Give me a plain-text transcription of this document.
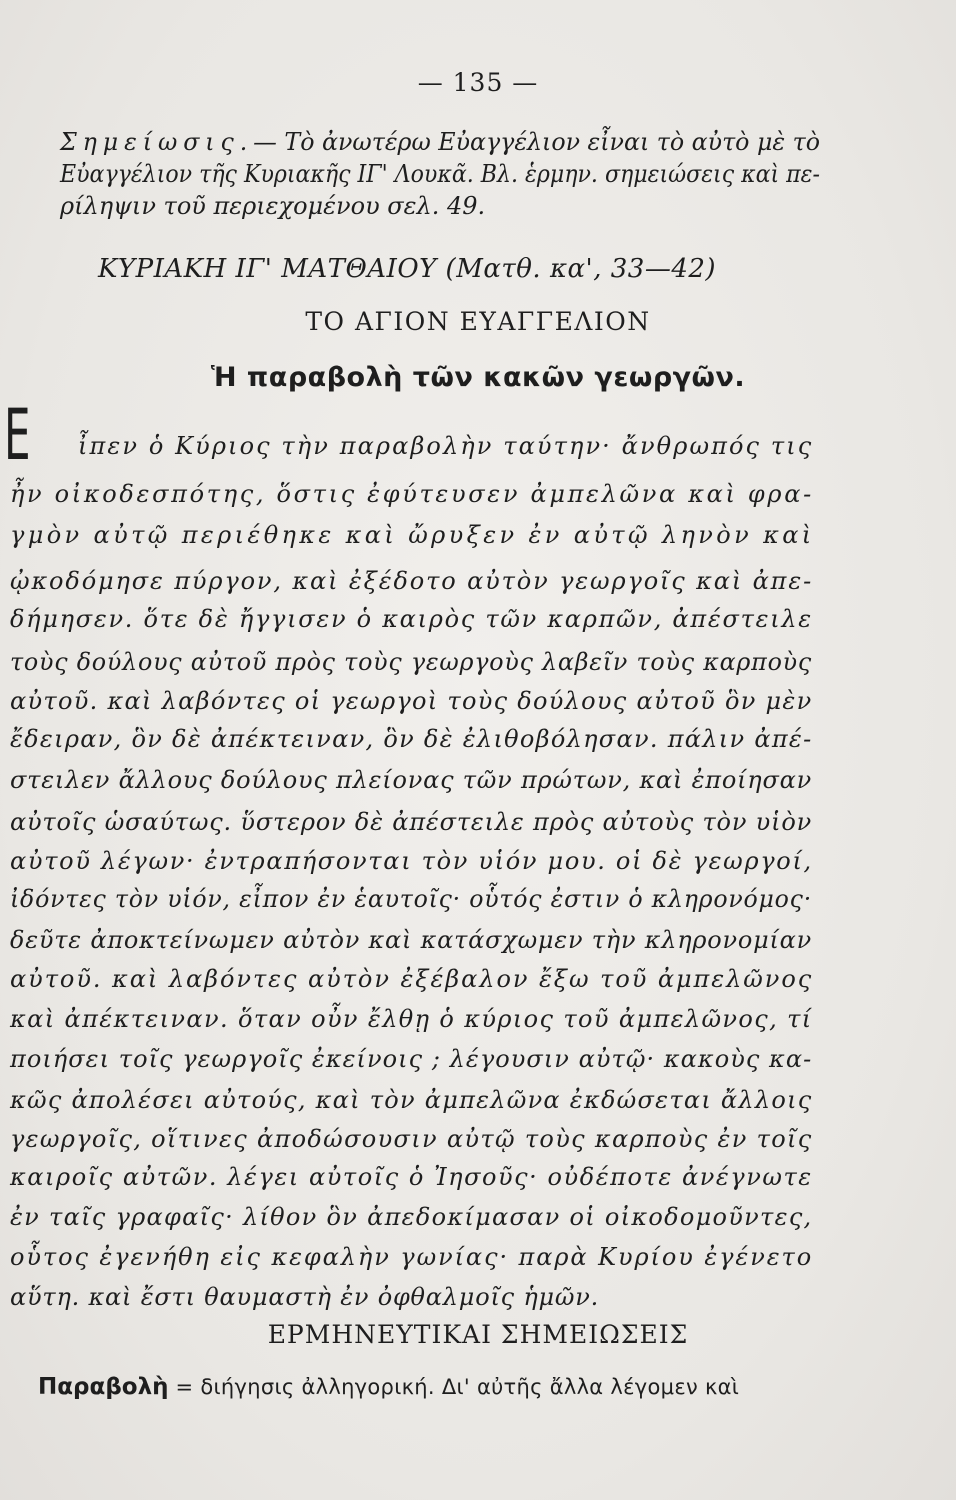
— 135 —
Σημείωσις.— Τὸ ἀνωτέρω Εὐαγγέλιον εἶναι τὸ αὐτὸ μὲ τὸ
Εὐαγγέλιον τῆς Κυριακῆς ΙΓ' Λουκᾶ. Βλ. ἑρμην. σημειώσεις καὶ πε-
ρίληψιν τοῦ περιεχομένου σελ. 49.
ΚΥΡΙΑΚΗ ΙΓ' ΜΑΤΘΑΙΟΥ (Ματθ. κα', 33—42)
ΤΟ ΑΓΙΟΝ ΕΥΑΓΓΕΛΙΟΝ
Ἡ παραβολὴ τῶν κακῶν γεωργῶν.
Ε ἶπεν ὁ Κύριος τὴν παραβολὴν ταύτην· ἄνθρωπός τις
ἦν οἰκοδεσπότης, ὅστις ἐφύτευσεν ἀμπελῶνα καὶ φρα-
γμὸν αὐτῷ περιέθηκε καὶ ὤρυξεν ἐν αὐτῷ ληνὸν καὶ
ᾠκοδόμησε πύργον, καὶ ἐξέδοτο αὐτὸν γεωργοῖς καὶ ἀπε-
δήμησεν. ὅτε δὲ ἤγγισεν ὁ καιρὸς τῶν καρπῶν, ἀπέστειλε
τοὺς δούλους αὐτοῦ πρὸς τοὺς γεωργοὺς λαβεῖν τοὺς καρποὺς
αὐτοῦ. καὶ λαβόντες οἱ γεωργοὶ τοὺς δούλους αὐτοῦ ὃν μὲν
ἔδειραν, ὃν δὲ ἀπέκτειναν, ὃν δὲ ἐλιθοβόλησαν. πάλιν ἀπέ-
στειλεν ἄλλους δούλους πλείονας τῶν πρώτων, καὶ ἐποίησαν
αὐτοῖς ὡσαύτως. ὕστερον δὲ ἀπέστειλε πρὸς αὐτοὺς τὸν υἱὸν
αὐτοῦ λέγων· ἐντραπήσονται τὸν υἱόν μου. οἱ δὲ γεωργοί,
ἰδόντες τὸν υἱόν, εἶπον ἐν ἑαυτοῖς· οὗτός ἐστιν ὁ κληρονόμος·
δεῦτε ἀποκτείνωμεν αὐτὸν καὶ κατάσχωμεν τὴν κληρονομίαν
αὐτοῦ. καὶ λαβόντες αὐτὸν ἐξέβαλον ἔξω τοῦ ἀμπελῶνος
καὶ ἀπέκτειναν. ὅταν οὖν ἔλθῃ ὁ κύριος τοῦ ἀμπελῶνος, τί
ποιήσει τοῖς γεωργοῖς ἐκείνοις ; λέγουσιν αὐτῷ· κακοὺς κα-
κῶς ἀπολέσει αὐτούς, καὶ τὸν ἀμπελῶνα ἐκδώσεται ἄλλοις
γεωργοῖς, οἵτινες ἀποδώσουσιν αὐτῷ τοὺς καρποὺς ἐν τοῖς
καιροῖς αὐτῶν. λέγει αὐτοῖς ὁ Ἰησοῦς· οὐδέποτε ἀνέγνωτε
ἐν ταῖς γραφαῖς· λίθον ὃν ἀπεδοκίμασαν οἱ οἰκοδομοῦντες,
οὗτος ἐγενήθη εἰς κεφαλὴν γωνίας· παρὰ Κυρίου ἐγένετο
αὕτη. καὶ ἔστι θαυμαστὴ ἐν ὀφθαλμοῖς ἡμῶν.
ΕΡΜΗΝΕΥΤΙΚΑΙ ΣΗΜΕΙΩΣΕΙΣ
Παραβολὴ = διήγησις ἀλληγορική. Δι' αὐτῆς ἄλλα λέγομεν καὶ
